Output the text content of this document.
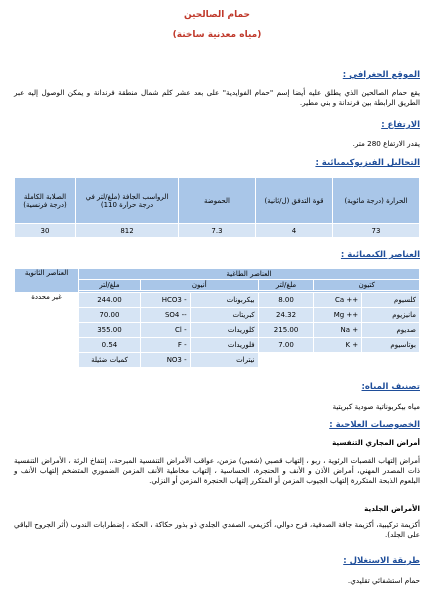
حمام الصالحين
(مياه معدنية ساخنة)
الموقع الجغرافي :
يقع حمام الصالحين الذي يطلق عليه أيضا إسم "حمام الفوايدية" على بعد عشر كلم شمال منطقة فرندانة و يمكن الوصول إليه عبر الطريق الرابطة بين فرندانة و بني مطير.
الارتفاع :
يقدر الارتفاع 280 متر.
التحاليل الفيزيوكيميائية :
الحرارة (درجة مائوية)	قوة التدفق (ل/ثانية)	الحموضة	الرواسب الجافة (ملغ/لتر في درجة حرارة 110)	الصلابة الكاملة (درجة فرنسية)
73	4	7.3	812	30
العناصر الكيميائية :
العناصر الطاغية						العناصر الثانوية
كتيون		ملغ/لتر	أنيون		ملغ/لتر	

كلسيوم	Ca ++	8.00	بيكربونات	HCO3 -	244.00	غير محددة
مانيزيوم	Mg ++	24.32	كبريتات	SO4 --	70.00	
صديوم	Na +	215.00	كلوريدات	Cl -	355.00	
بوتاسيوم	K +	7.00	فلوريدات	F -	0.54	
			نيترات	NO3 -	كميات ضئيلة	
تصنيف المياه:
مياه بيكربوناتية صودية كبريتية
الخصوصيات العلاجية :
أمراض المجاري التنفسية
أمراض إلتهاب القصبات الرئوية ، ربو ، إلتهاب قصبي (شعبي) مزمن، عواقب الأمراض التنفسية المبرحة،، إنتفاخ الرئة ، الأمراض التنفسية ذات المصدر المهني، أمراض الأذن و الأنف و الحنجرة، الحساسية ، إلتهاب مخاطية الأنف المزمن الضموري المتضخم إلتهاب الأنف و البلعوم الذبحة المتكررة إلتهاب الجيوب المزمن أو المتكرر إلتهاب الحنجرة المزمن أو النزلي.
الأمراض الجلدية
أكزيمة تركيبية، أكزيمة جافة الصدفية، قرح دوالي، أكزيمي، الصفدي الجلدي ذو بذور حكاكة ، الحكة ، إضطرابات الندوب (أثر الجروح الباقي على الجلد).
طريقة الاستغلال :
حمام استشفائي تقليدي.
